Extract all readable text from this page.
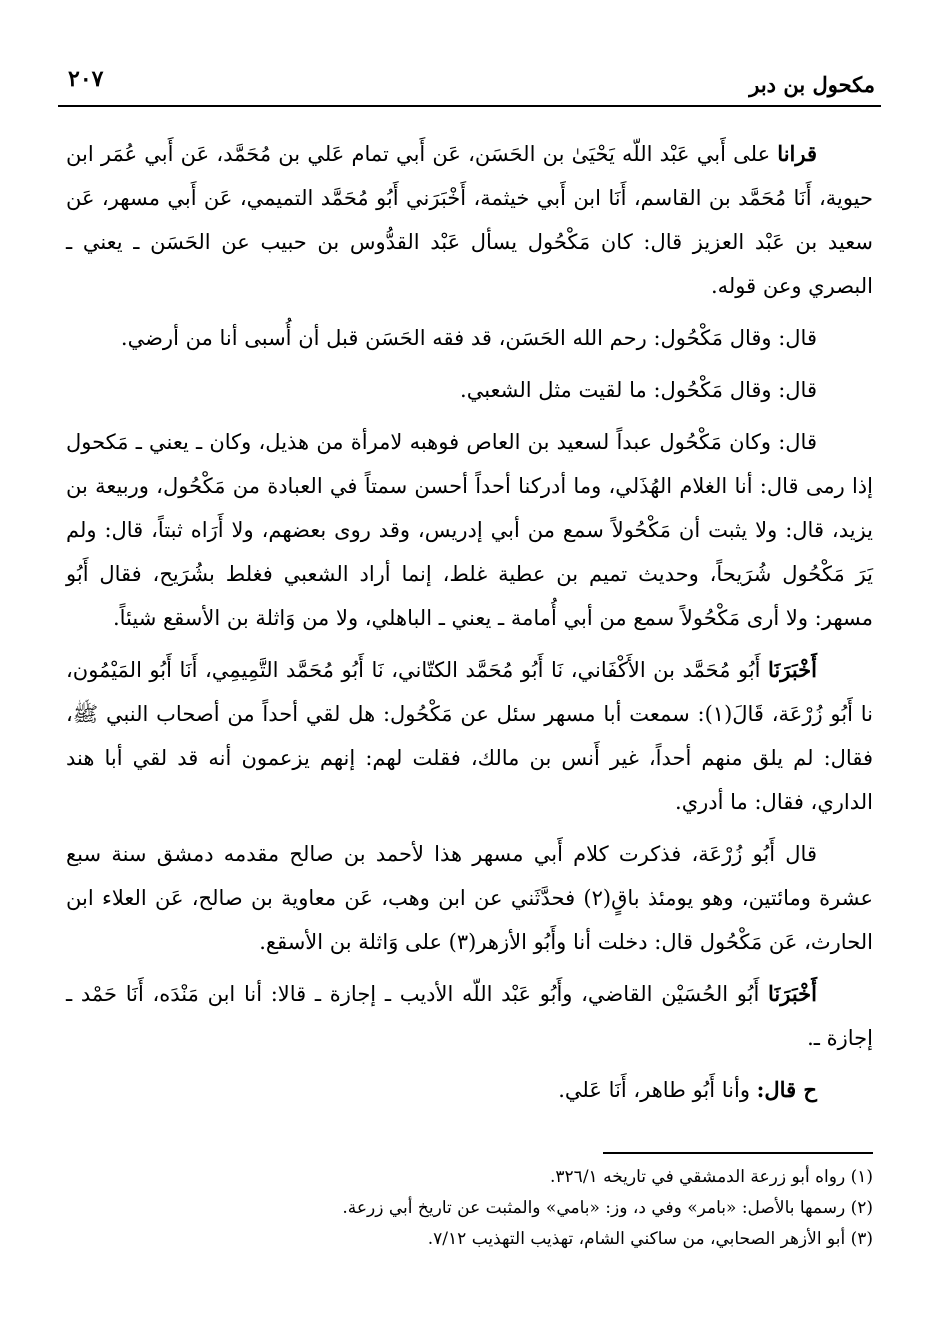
مكحول بن دبر
٢٠٧

قرانا على أَبي عَبْد اللّه يَحْيَىٰ بن الحَسَن، عَن أَبي تمام عَلي بن مُحَمَّد، عَن أَبي عُمَر ابن حيوية، أَنَا مُحَمَّد بن القاسم، أَنَا ابن أَبي خيثمة، أَخْبَرَني أَبُو مُحَمَّد التميمي، عَن أَبي مسهر، عَن سعيد بن عَبْد العزيز قال: كان مَكْحُول يسأل عَبْد القدُّوس بن حبيب عن الحَسَن ـ يعني ـ البصري وعن قوله.

قال: وقال مَكْحُول: رحم الله الحَسَن، قد فقه الحَسَن قبل أن أُسبى أنا من أرضي.

قال: وقال مَكْحُول: ما لقيت مثل الشعبي.

قال: وكان مَكْحُول عبداً لسعيد بن العاص فوهبه لامرأة من هذيل، وكان ـ يعني ـ مَكحول إذا رمى قال: أنا الغلام الهُذَلي، وما أدركنا أحداً أحسن سمتاً في العبادة من مَكْحُول، وربيعة بن يزيد، قال: ولا يثبت أن مَكْحُولاً سمع من أبي إدريس، وقد روى بعضهم، ولا أَرَاه ثبتاً، قال: ولم يَرَ مَكْحُول شُرَيحاً، وحديث تميم بن عطية غلط، إنما أراد الشعبي فغلط بشُرَيح، فقال أَبُو مسهر: ولا أرى مَكْحُولاً سمع من أبي أُمامة ـ يعني ـ الباهلي، ولا من وَاثلة بن الأسقع شيئاً.

أَخْبَرَنَا أَبُو مُحَمَّد بن الأَكْفَاني، نَا أَبُو مُحَمَّد الكتّاني، نَا أَبُو مُحَمَّد التَّمِيمِي، أَنَا أَبُو المَيْمُون، نا أَبُو زُرْعَة، قَالَ(١): سمعت أبا مسهر سئل عن مَكْحُول: هل لقي أحداً من أصحاب النبي ﷺ، فقال: لم يلق منهم أحداً، غير أَنس بن مالك، فقلت لهم: إنهم يزعمون أنه قد لقي أبا هند الداري، فقال: ما أدري.

قال أَبُو زُرْعَة، فذكرت كلام أَبي مسهر هذا لأحمد بن صالح مقدمه دمشق سنة سبع عشرة ومائتين، وهو يومئذ باقٍ(٢) فحدَّثَني عن ابن وهب، عَن معاوية بن صالح، عَن العلاء ابن الحارث، عَن مَكْحُول قال: دخلت أنا وأَبُو الأزهر(٣) على وَاثلة بن الأسقع.

أَخْبَرَنَا أَبُو الحُسَيْن القاضي، وأَبُو عَبْد اللّه الأديب ـ إجازة ـ قالا: أنا ابن مَنْدَه، أَنَا حَمْد ـ إجازة ـ.

ح قال: وأنا أَبُو طاهر، أَنَا عَلي.

(١) رواه أبو زرعة الدمشقي في تاريخه ٣٢٦/١.

(٢) رسمها بالأصل: «بامر» وفي د، وز: «بامي» والمثبت عن تاريخ أبي زرعة.

(٣) أبو الأزهر الصحابي، من ساكني الشام، تهذيب التهذيب ٧/١٢.
